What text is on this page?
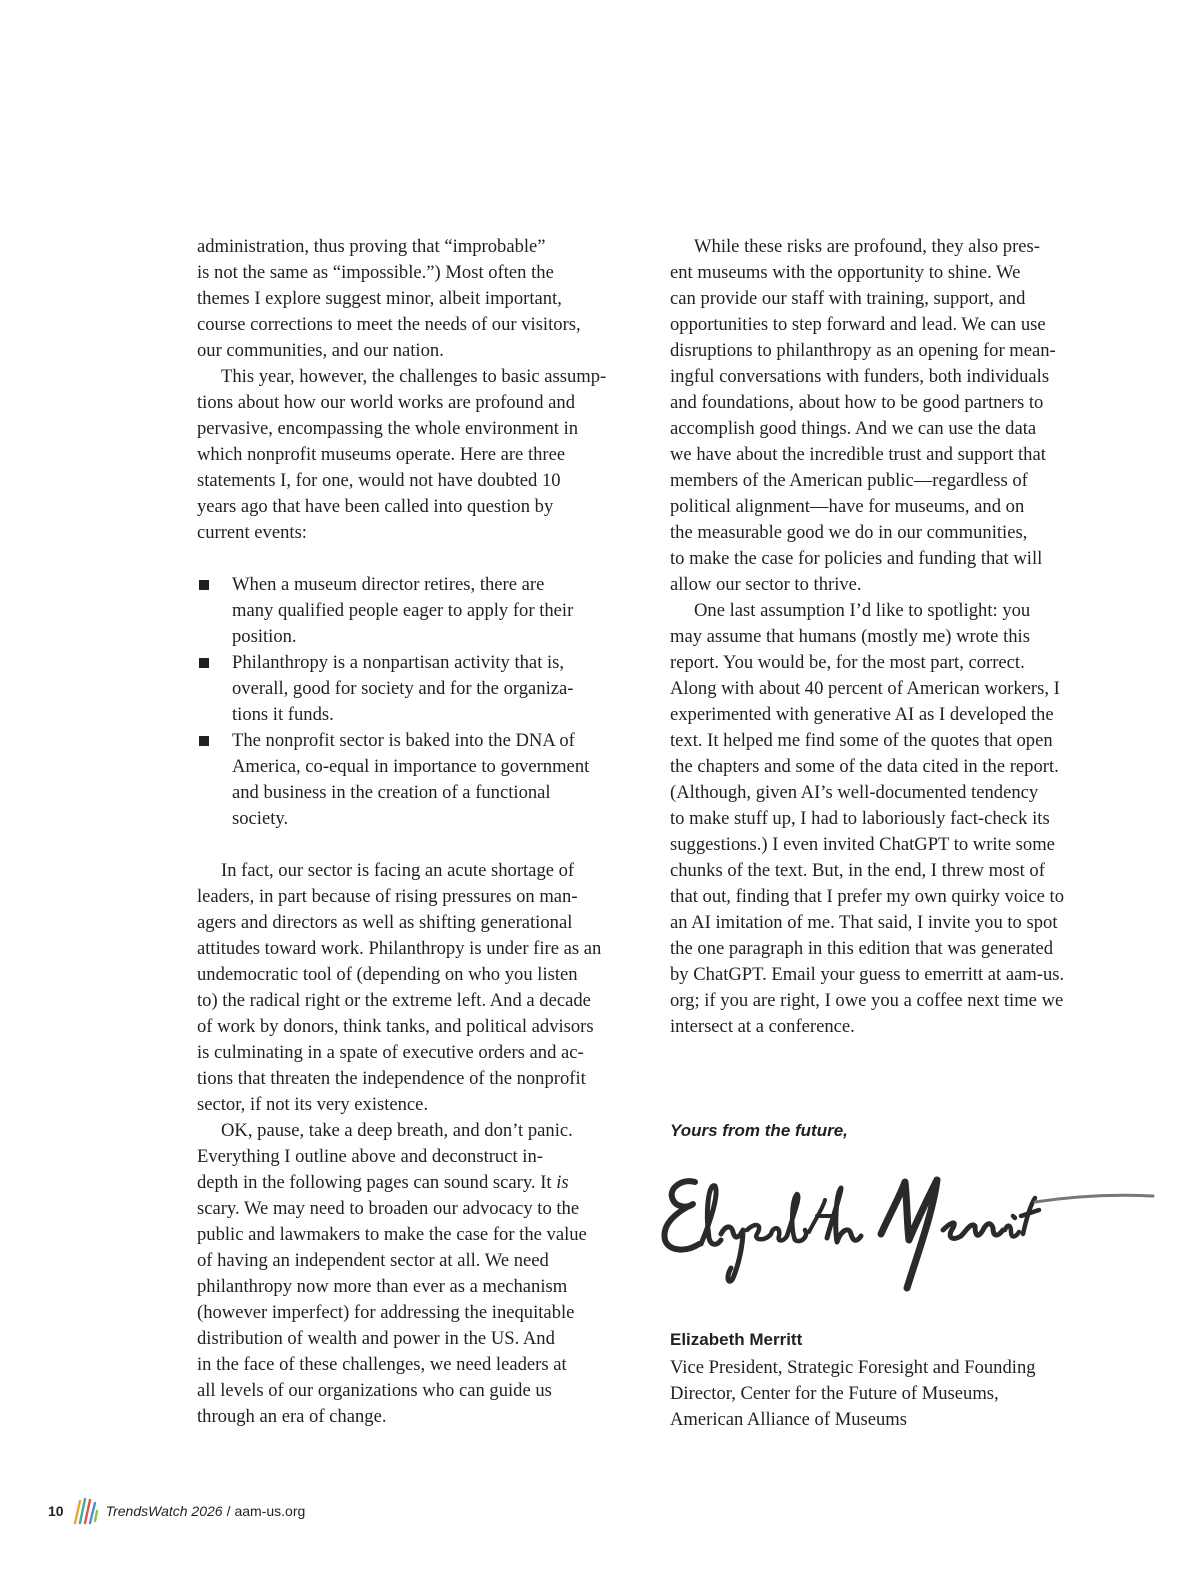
administration, thus proving that “improbable”
is not the same as “impossible.”) Most often the
themes I explore suggest minor, albeit important,
course corrections to meet the needs of our visitors,
our communities, and our nation.

This year, however, the challenges to basic assump-
tions about how our world works are profound and
pervasive, encompassing the whole environment in
which nonprofit museums operate. Here are three
statements I, for one, would not have doubted 10
years ago that have been called into question by
current events:

When a museum director retires, there are
many qualified people eager to apply for their
position.
Philanthropy is a nonpartisan activity that is,
overall, good for society and for the organiza-
tions it funds.
The nonprofit sector is baked into the DNA of
America, co-equal in importance to government
and business in the creation of a functional
society.

In fact, our sector is facing an acute shortage of
leaders, in part because of rising pressures on man-
agers and directors as well as shifting generational
attitudes toward work. Philanthropy is under fire as an
undemocratic tool of (depending on who you listen
to) the radical right or the extreme left. And a decade
of work by donors, think tanks, and political advisors
is culminating in a spate of executive orders and ac-
tions that threaten the independence of the nonprofit
sector, if not its very existence.

OK, pause, take a deep breath, and don’t panic.
Everything I outline above and deconstruct in-
depth in the following pages can sound scary. It is
scary. We may need to broaden our advocacy to the
public and lawmakers to make the case for the value
of having an independent sector at all. We need
philanthropy now more than ever as a mechanism
(however imperfect) for addressing the inequitable
distribution of wealth and power in the US. And
in the face of these challenges, we need leaders at
all levels of our organizations who can guide us
through an era of change.

While these risks are profound, they also pres-
ent museums with the opportunity to shine. We
can provide our staff with training, support, and
opportunities to step forward and lead. We can use
disruptions to philanthropy as an opening for mean-
ingful conversations with funders, both individuals
and foundations, about how to be good partners to
accomplish good things. And we can use the data
we have about the incredible trust and support that
members of the American public—regardless of
political alignment—have for museums, and on
the measurable good we do in our communities,
to make the case for policies and funding that will
allow our sector to thrive.

One last assumption I’d like to spotlight: you
may assume that humans (mostly me) wrote this
report. You would be, for the most part, correct.
Along with about 40 percent of American workers, I
experimented with generative AI as I developed the
text. It helped me find some of the quotes that open
the chapters and some of the data cited in the report.
(Although, given AI’s well-documented tendency
to make stuff up, I had to laboriously fact-check its
suggestions.) I even invited ChatGPT to write some
chunks of the text. But, in the end, I threw most of
that out, finding that I prefer my own quirky voice to
an AI imitation of me. That said, I invite you to spot
the one paragraph in this edition that was generated
by ChatGPT. Email your guess to emerritt at aam-us.
org; if you are right, I owe you a coffee next time we
intersect at a conference.

Yours from the future,
Elizabeth Merritt
Vice President, Strategic Foresight and Founding
Director, Center for the Future of Museums,
American Alliance of Museums
10	TrendsWatch 2026 / aam-us.org
